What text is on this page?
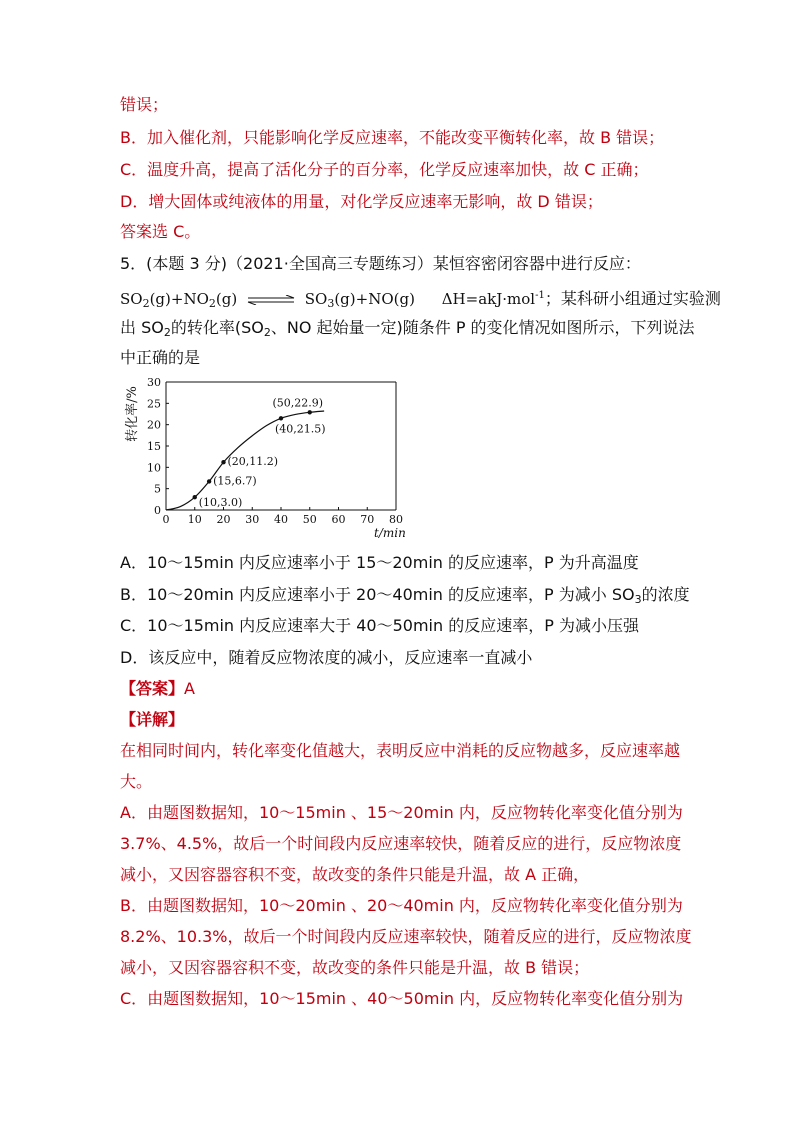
错误；
B．加入催化剂，只能影响化学反应速率，不能改变平衡转化率，故 B 错误；
C．温度升高，提高了活化分子的百分率，化学反应速率加快，故 C 正确；
D．增大固体或纯液体的用量，对化学反应速率无影响，故 D 错误；
答案选 C。
5．(本题 3 分)（2021·全国高三专题练习）某恒容密闭容器中进行反应：
$SO_2(g)+NO_2(g)$ ⇌ $SO_3(g)+NO(g)$ ΔH=akJ·mol$^{-1}$；某科研小组通过实验测
出 $SO_2$的转化率($SO_2$、NO 起始量一定)随条件 P 的变化情况如图所示，下列说法
中正确的是
0 10 20 30 40 50 60 70 80
0
5
10
15
20
25
30
转化率/%
(10,3.0)
(15,6.7)
(20,11.2)
(40,21.5)
(50,22.9)
t/min
A．10～15min 内反应速率小于 15～20min 的反应速率，P 为升高温度
B．10～20min 内反应速率小于 20～40min 的反应速率，P 为减小 $SO_3$的浓度
C．10～15min 内反应速率大于 40～50min 的反应速率，P 为减小压强
D．该反应中，随着反应物浓度的减小，反应速率一直减小
【答案】A
【详解】
在相同时间内，转化率变化值越大，表明反应中消耗的反应物越多，反应速率越
大。
A．由题图数据知，10～15min 、15～20min 内，反应物转化率变化值分别为
3.7%、4.5%，故后一个时间段内反应速率较快，随着反应的进行，反应物浓度
减小，又因容器容积不变，故改变的条件只能是升温，故 A 正确，
B．由题图数据知，10～20min 、20～40min 内，反应物转化率变化值分别为
8.2%、10.3%，故后一个时间段内反应速率较快，随着反应的进行，反应物浓度
减小，又因容器容积不变，故改变的条件只能是升温，故 B 错误；
C．由题图数据知，10～15min 、40～50min 内，反应物转化率变化值分别为
